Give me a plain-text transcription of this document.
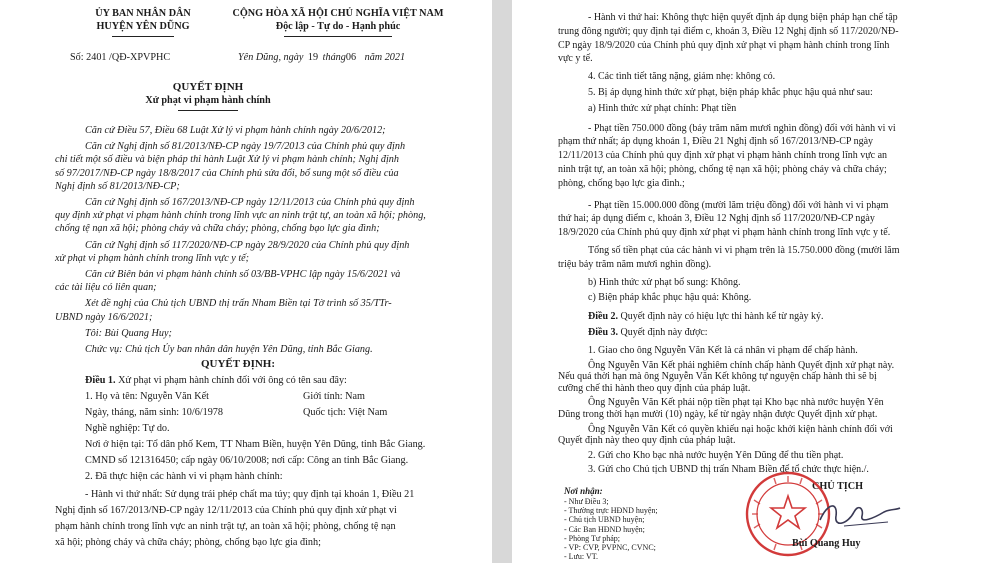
ỦY BAN NHÂN DÂN
HUYỆN YÊN DŨNG
CỘNG HÒA XÃ HỘI CHỦ NGHĨA VIỆT NAM
Độc lập - Tự do - Hạnh phúc
Số: 2401 /QĐ-XPVPHC	Yên Dũng, ngày 19 tháng06 năm 2021
QUYẾT ĐỊNH
Xử phạt vi phạm hành chính
Căn cứ Điều 57, Điều 68 Luật Xử lý vi phạm hành chính ngày 20/6/2012;
Căn cứ Nghị định số 81/2013/NĐ-CP ngày 19/7/2013 của Chính phủ quy định
chi tiết một số điều và biện pháp thi hành Luật Xử lý vi phạm hành chính; Nghị định
số 97/2017/NĐ-CP ngày 18/8/2017 của Chính phủ sửa đổi, bổ sung một số điều của
Nghị định số 81/2013/NĐ-CP;
Căn cứ Nghị định số 167/2013/NĐ-CP ngày 12/11/2013 của Chính phủ quy định
quy định xử phạt vi phạm hành chính trong lĩnh vực an ninh trật tự, an toàn xã hội; phòng,
chống tệ nạn xã hội; phòng cháy và chữa cháy; phòng, chống bạo lực gia đình;
Căn cứ Nghị định số 117/2020/NĐ-CP ngày 28/9/2020 của Chính phủ quy định
xử phạt vi phạm hành chính trong lĩnh vực y tế;
Căn cứ Biên bản vi phạm hành chính số 03/BB-VPHC lập ngày 15/6/2021 và
các tài liệu có liên quan;
Xét đề nghị của Chủ tịch UBND thị trấn Nham Biền tại Tờ trình số 35/TTr-
UBND ngày 16/6/2021;
Tôi: Bùi Quang Huy;
Chức vụ: Chủ tịch Ủy ban nhân dân huyện Yên Dũng, tỉnh Bắc Giang.
QUYẾT ĐỊNH:
Điều 1. Xử phạt vi phạm hành chính đối với ông có tên sau đây:
1. Họ và tên: Nguyễn Văn Kết	Giới tính: Nam
Ngày, tháng, năm sinh: 10/6/1978	Quốc tịch: Việt Nam
Nghề nghiệp: Tự do.
Nơi ở hiện tại: Tổ dân phố Kem, TT Nham Biền, huyện Yên Dũng, tỉnh Bắc Giang.
CMND số 121316450; cấp ngày 06/10/2008; nơi cấp: Công an tỉnh Bắc Giang.
2. Đã thực hiện các hành vi vi phạm hành chính:
- Hành vi thứ nhất: Sử dụng trái phép chất ma túy; quy định tại khoản 1, Điều 21
Nghị định số 167/2013/NĐ-CP ngày 12/11/2013 của Chính phủ quy định xử phạt vi
phạm hành chính trong lĩnh vực an ninh trật tự, an toàn xã hội; phòng, chống tệ nạn
xã hội; phòng cháy và chữa cháy; phòng, chống bạo lực gia đình;
- Hành vi thứ hai: Không thực hiện quyết định áp dụng biện pháp hạn chế tập
trung đông người; quy định tại điểm c, khoản 3, Điều 12 Nghị định số 117/2020/NĐ-
CP ngày 18/9/2020 của Chính phủ quy định xử phạt vi phạm hành chính trong lĩnh
vực y tế.
4. Các tình tiết tăng nặng, giảm nhẹ: không có.
5. Bị áp dụng hình thức xử phạt, biện pháp khắc phục hậu quả như sau:
a) Hình thức xử phạt chính: Phạt tiền
- Phạt tiền 750.000 đồng (bảy trăm năm mươi nghìn đồng) đối với hành vi vi
phạm thứ nhất; áp dụng khoản 1, Điều 21 Nghị định số 167/2013/NĐ-CP ngày
12/11/2013 của Chính phủ quy định xử phạt vi phạm hành chính trong lĩnh vực an
ninh trật tự, an toàn xã hội; phòng, chống tệ nạn xã hội; phòng cháy và chữa cháy;
phòng, chống bạo lực gia đình.;
- Phạt tiền 15.000.000 đồng (mười lăm triệu đồng) đối với hành vi vi phạm
thứ hai; áp dụng điểm c, khoản 3, Điều 12 Nghị định số 117/2020/NĐ-CP ngày
18/9/2020 của Chính phủ quy định xử phạt vi phạm hành chính trong lĩnh vực y tế.
Tổng số tiền phạt của các hành vi vi phạm trên là 15.750.000 đồng (mười lăm
triệu bảy trăm năm mươi nghìn đồng).
b) Hình thức xử phạt bổ sung: Không.
c) Biện pháp khắc phục hậu quả: Không.
Điều 2. Quyết định này có hiệu lực thi hành kể từ ngày ký.
Điều 3. Quyết định này được:
1. Giao cho ông Nguyễn Văn Kết là cá nhân vi phạm để chấp hành.
Ông Nguyễn Văn Kết phải nghiêm chỉnh chấp hành Quyết định xử phạt này.
Nếu quá thời hạn mà ông Nguyễn Văn Kết không tự nguyện chấp hành thì sẽ bị
cưỡng chế thi hành theo quy định của pháp luật.
Ông Nguyễn Văn Kết phải nộp tiền phạt tại Kho bạc nhà nước huyện Yên
Dũng trong thời hạn mười (10) ngày, kể từ ngày nhận được Quyết định xử phạt.
Ông Nguyễn Văn Kết có quyền khiếu nại hoặc khởi kiện hành chính đối với
Quyết định này theo quy định của pháp luật.
2. Gửi cho Kho bạc nhà nước huyện Yên Dũng để thu tiền phạt.
3. Gửi cho Chủ tịch UBND thị trấn Nham Biền để tổ chức thực hiện./.
Nơi nhận:
- Như Điều 3;
- Thường trực HĐND huyện;
- Chủ tịch UBND huyện;
- Các Ban HĐND huyện;
- Phòng Tư pháp;
- VP: CVP, PVPNC, CVNC;
- Lưu: VT.
CHỦ TỊCH
Bùi Quang Huy
